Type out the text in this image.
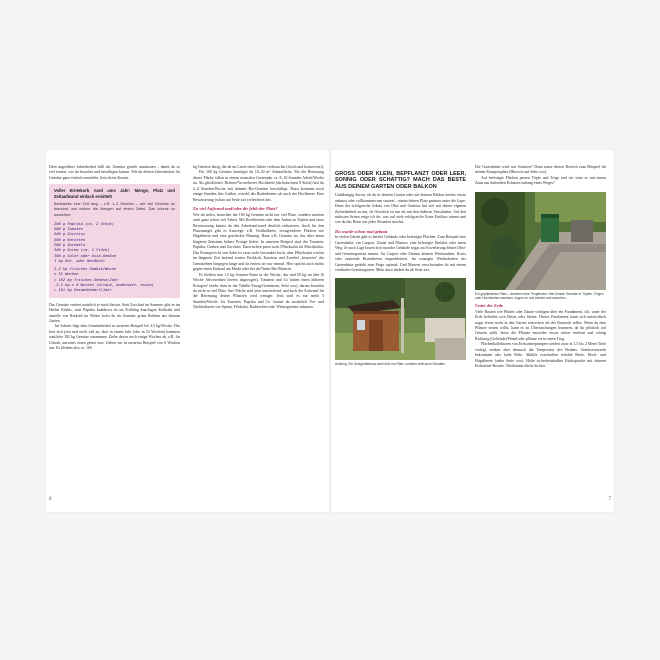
Dein ungefährer Jahresbedarf hilft dir, Gemüse gezielt anzubauen – damit du so viel erntest, wie du brauchst und bewältigen kannst. Wie du deinen Jahresbedarf für Gemüse ganz einfach ermittelst, liest du im Kasten.

Voller Erntekorb rund ums Jahr: Menge, Platz und Zeitaufwand einfach ermittelt
Beobachte eine Zeit lang – z.B. 1–2 Wochen – wie viel Gemüse du brauchst und notiere die Mengen auf einem Zettel. Das könnte so aussehen:
200 g Paprika (ca. 2 Stück)
500 g Tomaten
500 g Zucchini
500 g Karotten
200 g Zwiebeln
300 g Gurke (ca. 1 Stück)
300 g Salat oder Asia-Gemüse
1 kg Rot- oder Weißkohl
3,5 kg frisches Gemüse/Woche
x 52 Wochen
= 182 kg frisches Gemüse/Jahr
-3,5 kg x 6 Wochen (Urlaub, anderweit. essen)
= 161 kg Gesamtbedarf/Jahr

Das Gemüse variiert natürlich je nach Saison. Statt Zucchini im Sommer gibt es im Herbst Kürbis, statt Paprika knabberst du im Frühling knackigen Kohlrabi und anstelle von Rotkohl im Winter holst du im Sommer grüne Bohnen aus deinem Garten.

Im Schnitt liegt dein Gemüsebedarf in unserem Beispiel bei 3,5 kg/Woche. Das hört sich jetzt mal nicht viel an, aber in einem Jahr (also in 52 Wochen) kommen stattliche 182 kg Gemüse zusammen. Ziehe davon noch einige Wochen ab, z.B. für Urlaub, auswärts essen gehen usw. Gehen wir in unserem Beispiel von 6 Wochen aus. Es bleiben also ca. 160

kg Gemüse übrig, die du im Laufe eines Jahres verbrauchst (frisch und konserviert).

Für 160 kg Gemüse benötigst du 16–20 m² Anbaufläche. Für die Betreuung dieser Fläche fallen in einem normalen Gartenjahr ca. 8–10 Stunden Arbeit/Woche an. Als glückliche/r Besitzer*in mehrerer Hochbeete (du bräuchtest 8 Stück) bist du 2–4 Stunden/Woche mit deinem Bio-Gemüse beschäftigt. Dazu kommen noch einige Stunden fürs Gießen, sowohl des Bodenbeetes als auch der Hochbeete. Eine Bewässerung (schau auf Seite xxx) erleichtert das.

Zu viel Aufwand und/oder dir fehlt der Platz?

Wie du siehst, brauchen die 160 kg Gemüse nicht nur viel Platz, sondern machen auch ganz schön viel Arbeit. Mit Hochbeeten oder dem Anbau in Töpfen und einer Bewässerung kannst du den Arbeitsaufwand deutlich reduzieren. Auch für den Platzmangel gibt es Auswege: z.B. Vertikalbeete, ertragreichere Flächen wie Hügelbeete und eine geschickte Planung. Baue z.B. Gemüse an, das über einen längeren Zeitraum höhere Erträge liefert. In unserem Beispiel sind das Tomaten, Paprika, Gurken und Zucchini. Dazwischen passt noch Pflücksalat als Mischkultur. Das Erntegewicht von Salat ist zwar nicht besonders hoch, aber Pflücksalat wächst im längeren Zeit laufend ernten. Brokkoli, Karotten und Zwiebel „besetzen" das Gemüsebeet hingegen lange und da erntest sie nur einmal. Hier spricht auch nichts gegen einen Einkauf am Markt oder bei der*beim Bio-Bäuerin.

Es bleiben nun 1,5 kg Gemüse-Ernte in der Woche, das sind 69 kg im Jahr (6 Woche Abwesenheit bereits abgezogen). Tomaten und Co haben einen höheren Ertrag/m² (mehr dazu in der Tabelle Ertrag/Gemüseart, Seite xxx), darum brauchst du nicht so viel Platz. 6m² Fläche sind jetzt ausreichend, und auch der Aufwand für die Betreuung deiner Pflanzen wird weniger. Jetzt sind es nur mehr 3 Stunden/Woche. Zu Tomaten, Paprika und Co. kannst du zusätzlich Vor- und Nachkulturen wie Spinat, Feldsalat, Radieschen oder Wintergemüse anbauen.

6
GROSS ODER KLEIN, BEPFLANZT ODER LEER, SONNIG ODER SCHATTIG? MACH DAS BESTE AUS DEINEM GARTEN ODER BALKON

Unabhängig davon, ob du in deinem Garten oder auf deinem Balkon bereits etwas anbaust oder vollkommen neu startest – nimm deinen Platz genauer unter die Lupe. Denn der erfolgreiche Anbau von Obst und Gemüse hat viel mit deiner eigenen Zufriedenheit zu tun, ob Geschick zu tun als mit den äußeren Umständen. Auf den nächsten Seiten zeige ich dir, was auf viele erfolgreiche Ernte Einfluss nimmt und wie du das Beste aus jeder Situation machst.

Du wurde schon mal gebaut

In vielen Gärten gibt es bereits Gebäude oder befestigte Flächen. Zum Beispiel eine Gartenhütte, ein Carport, Zäune und Mauern, eine befestigte Einfahrt oder einen Weg. Je nach Lage lassen sich manche Gebäude sogar zur Erweiterung deines Obst- und Gemüsegartens nutzen. An Carport oder Zäunen können Weintrauben, Kiwis oder rankende Brombeeren emporklettern. Im sonnigen Windschatten der Gartenhütte gedeiht eine Feige optimal. Und Mauern verschwinden du mit einem vertikalen Gemüsegarten. Mehr dazu findest du ab Seite xxx.

Achtung: Ein Holzgerätehaus darf nicht nur Platz, sondern wirft auch Schatten.

Die Gartenhütte wirft nur Schatten? Dann nutze diesen Bereich zum Beispiel für deinen Kompostplatz (Hinweis auf Seite xxx).

Auf befestigte Flächen passen Töpfe und Tröge und wir wäre es mit einem Zaun aus duftenden Kräutern entlang eines Weges?

Ein gepflastertes Platz – daneben eine Thujahecke: Hier könnte Gemüse in Töpfen, Trögen oder Hochbeeten wachsen. Augen zu und einfach mal ausruhen ...
Unter der Erde

Viele Bauten wie Hütten oder Zäune verfügen über ein Fundament, d.h. unter der Erde befinden sich Beton oder Steine. Dieses Fundament kann sich unterirdisch sogar etwas mehr in den Garten erstrecken als der Bauwerk selbst. Wenn du eine Pflanze setzen willst, kann es zu Überraschungen kommen, da du plötzlich auf Gestein stößt. Setze die Pflanze entweder etwas weiter entfernt und schräg Richtung (Gebäude)/Wand oder pflanze sie in einen Trog.

Flächenkollektoren von Erdwärmepumpen werden zwar in 1,5 bis 2 Meter Tiefe verlegt, senken aber dennoch die Temperatur des Bodens. Gemüsewurzeln bekommen also kalte Füße. Abhilfe verschaffen erhöhte Beete, Hoch- und Hügelbeete (siehe Seite xxx). Halte sicherheitshalber Rücksprache mit deinem Erdwärme-Berater. Obstbäume dürfst du hier

7
